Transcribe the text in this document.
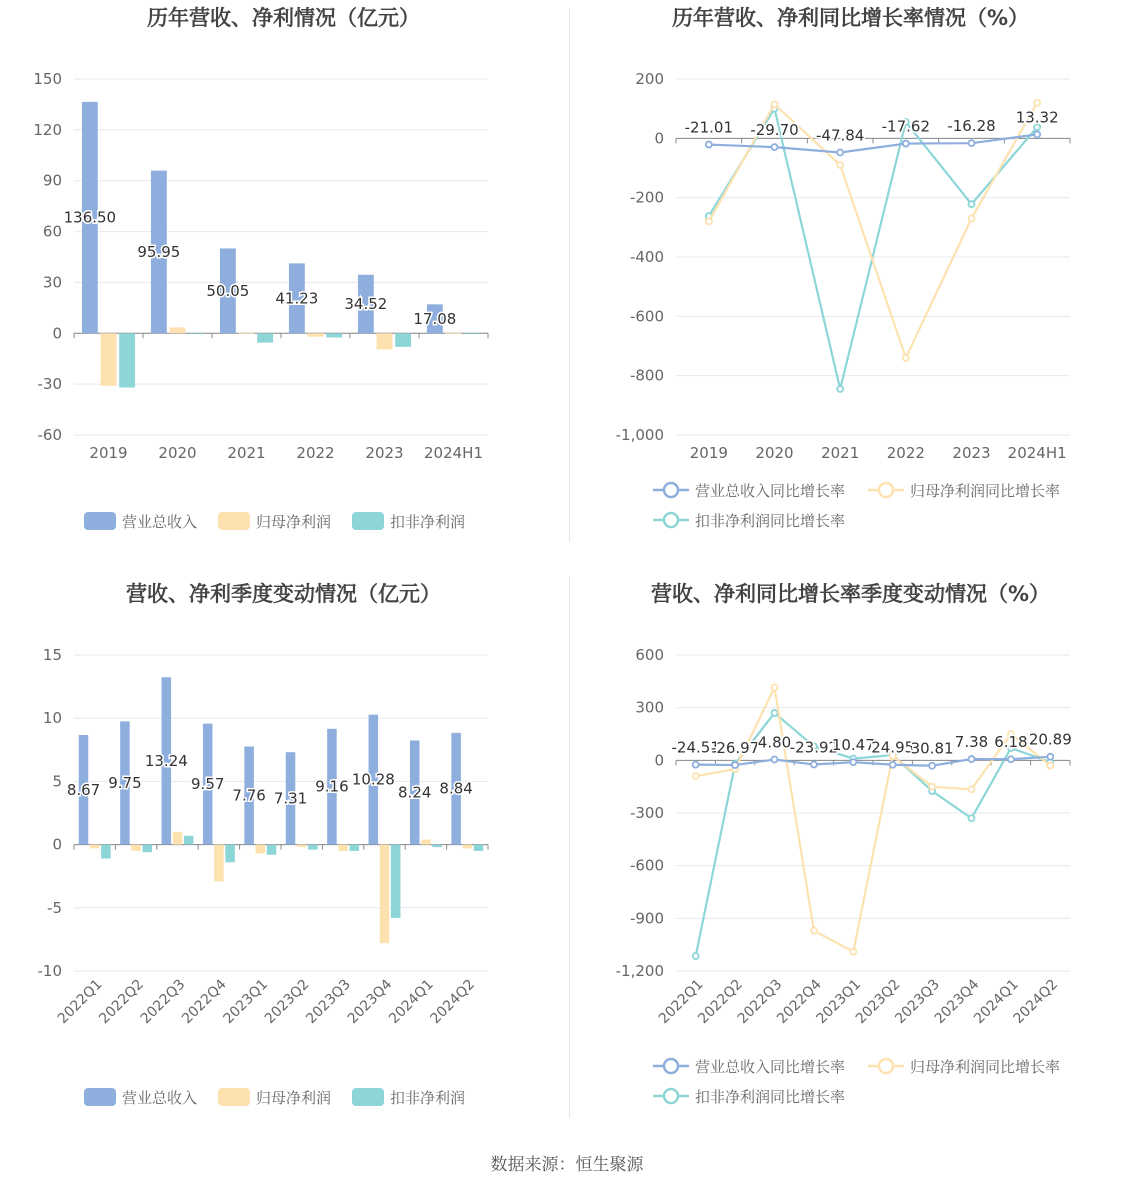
-60
-30
0
30
60
90
120
150
2019 2020 2021 2022 2023 2024H1
136.50
95.95
50.05 41.23 34.52
17.08
营业总收入	归母净利润	扣非净利润
历年营收、净利情况（亿元）
-1,000
-800
-600
-400
-200
0
200
2019 2020 2021 2022 2023 2024H1
-21.01 -29.70 -47.84 -17.62 -16.28 13.32
营业总收入同比增长率	归母净利润同比增长率
扣非净利润同比增长率
历年营收、净利同比增长率情况（%）
-10
-5
0
5
10
15
2022Q1
2022Q2
2022Q3
2022Q4
2023Q1
2023Q2
2023Q3
2023Q4
2024Q1
2024Q2
8.67 9.75
13.24
9.57
7.76 7.31
9.16 10.28
8.24 8.84
营业总收入	归母净利润	扣非净利润
营收、净利季度变动情况（亿元）
-1,200
-900
-600
-300
0
300
600
2022Q1
2022Q2
2022Q3
2022Q4
2023Q1
2023Q2
2023Q3
2023Q4
2024Q1
2024Q2
-24.51
-26.97
4.80
-23.92
10.47
24.95
30.81 7.38 6.18 20.89
营业总收入同比增长率	归母净利润同比增长率
扣非净利润同比增长率
营收、净利同比增长率季度变动情况（%）
数据来源：恒生聚源
